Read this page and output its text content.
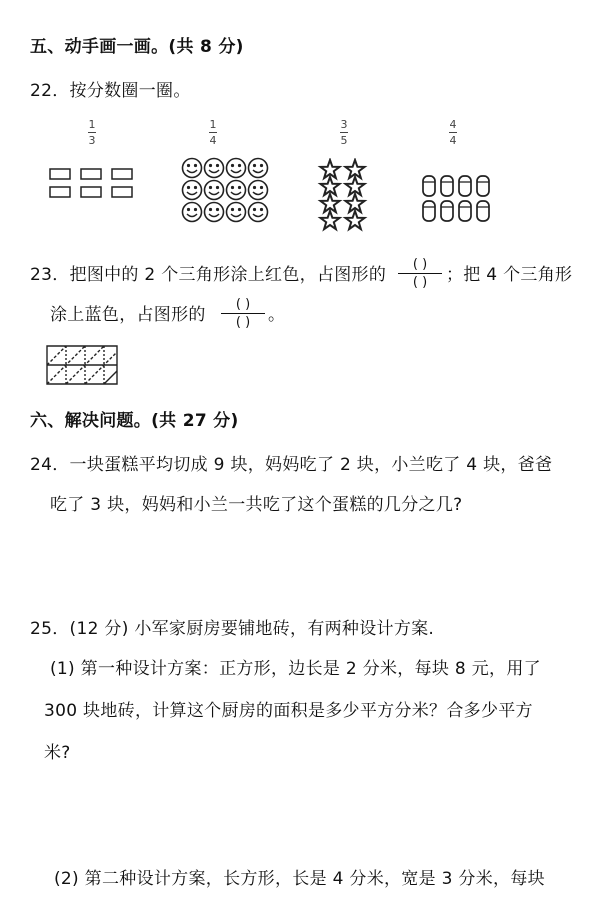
五、动手画一画。(共 8 分)
22．按分数圈一圈。
1
3
1
4
3
5
4
4
23．把图中的 2 个三角形涂上红色，占图形的
( )
( ) ；把 4 个三角形
涂上蓝色，占图形的
( )
( ) 。
六、解决问题。(共 27 分)
24．一块蛋糕平均切成 9 块，妈妈吃了 2 块，小兰吃了 4 块，爸爸
吃了 3 块，妈妈和小兰一共吃了这个蛋糕的几分之几?
25．(12 分) 小军家厨房要铺地砖，有两种设计方案.
(1) 第一种设计方案：正方形，边长是 2 分米，每块 8 元，用了
300 块地砖，计算这个厨房的面积是多少平方分米？合多少平方
米?
(2) 第二种设计方案，长方形，长是 4 分米，宽是 3 分米，每块
